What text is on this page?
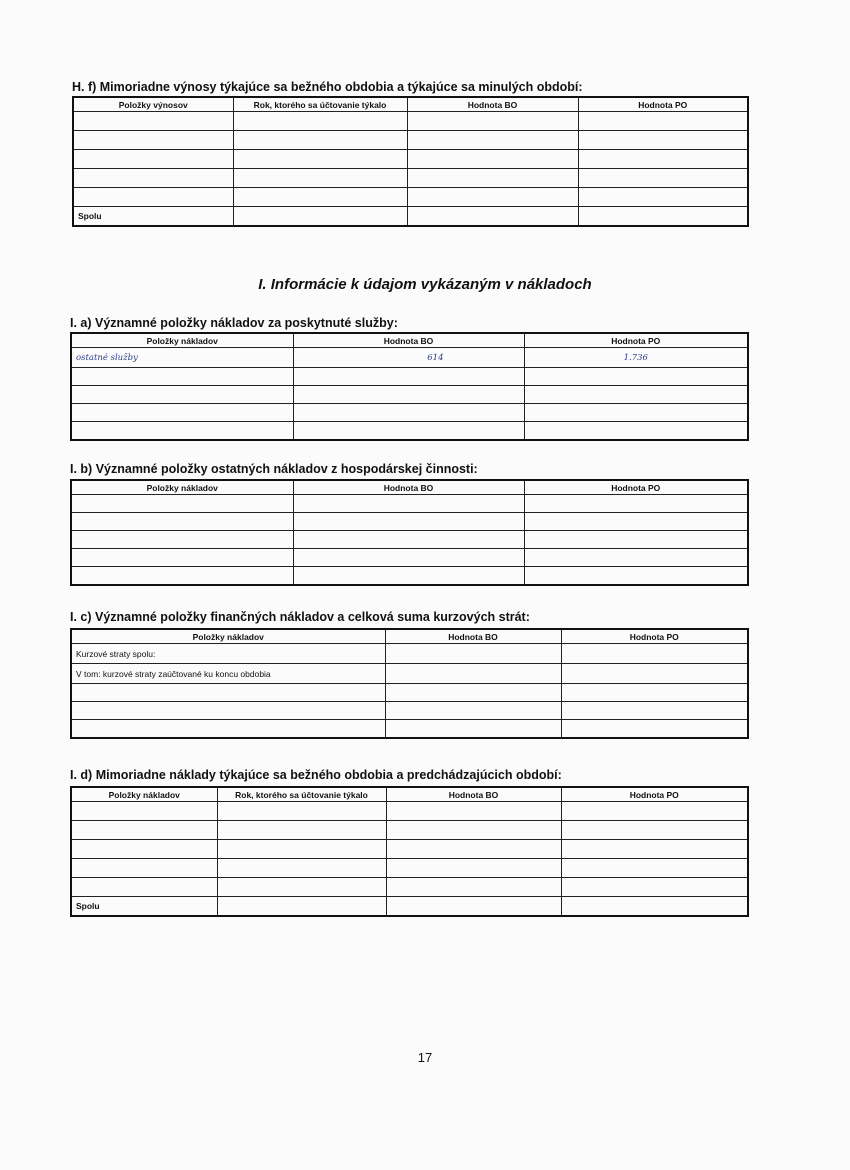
H. f) Mimoriadne výnosy týkajúce sa bežného obdobia a týkajúce sa minulých období:
Položky výnosov	Rok, ktorého sa účtovanie týkalo	Hodnota BO	Hodnota PO

Spolu			
I. Informácie k údajom vykázaným v nákladoch
I. a) Významné položky nákladov za poskytnuté služby:
Položky nákladov	Hodnota BO	Hodnota PO
ostatné služby	614	1.736

I. b) Významné položky ostatných nákladov z hospodárskej činnosti:
Položky nákladov	Hodnota BO	Hodnota PO

I. c) Významné položky finančných nákladov a celková suma kurzových strát:
Položky nákladov	Hodnota BO	Hodnota PO
Kurzové straty spolu:		
V tom: kurzové straty zaúčtované ku koncu obdobia		

I. d) Mimoriadne náklady týkajúce sa bežného obdobia a predchádzajúcich období:
Položky nákladov	Rok, ktorého sa účtovanie týkalo	Hodnota BO	Hodnota PO

Spolu			
17
